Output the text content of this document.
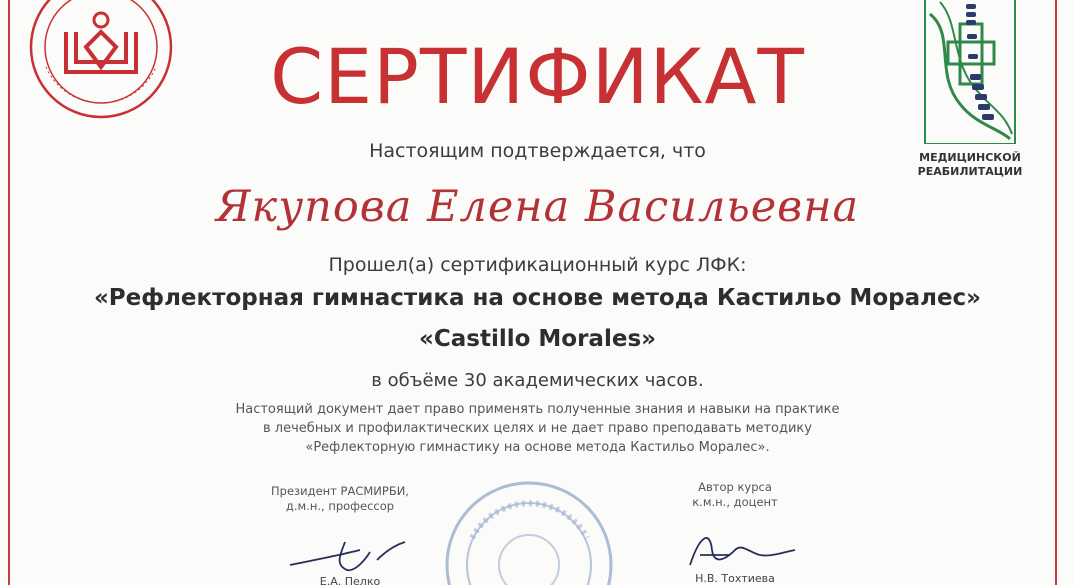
МЕДИЦИНСКОЙ
РЕАБИЛИТАЦИИ
СЕРТИФИКАТ
Настоящим подтверждается, что
Якупова Елена Васильевна
Прошел(а) сертификационный курс ЛФК:
«Рефлекторная гимнастика на основе метода Кастильо Моралес»
«Castillo Morales»
в объёме 30 академических часов.
Настоящий документ дает право применять полученные знания и навыки на практике
в лечебных и профилактических целях и не дает право преподавать методику
«Рефлекторную гимнастику на основе метода Кастильо Моралес».
Президент РАСМИРБИ,
д.м.н., профессор
Е.А. Пелко
Автор курса
к.м.н., доцент
Н.В. Тохтиева
